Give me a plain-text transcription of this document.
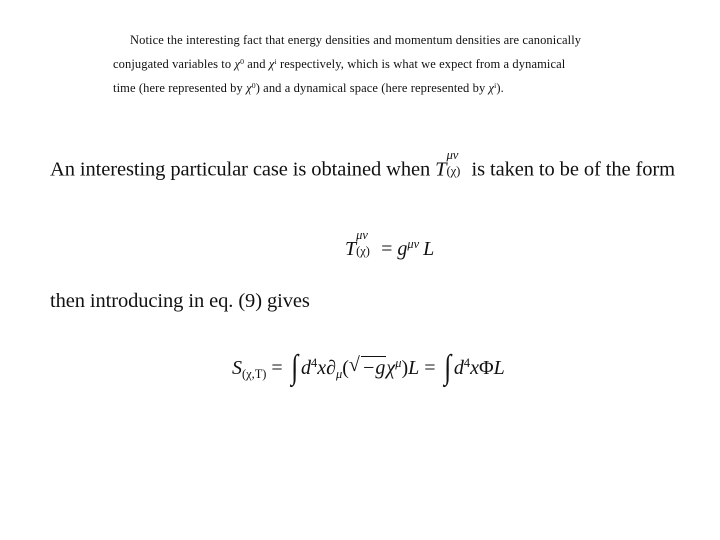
Notice the interesting fact that energy densities and momentum densities are canonically
conjugated variables to $\chi^0$ and $\chi^i$ respectively, which is what we expect from a dynamical
time (here represented by $\chi^0$) and a dynamical space (here represented by $\chi^i$).
An interesting particular case is obtained when T
μν
(χ) is taken to be of the form
T
μν
$(\chi) = g^{\mu\nu}$ L
then introducing in eq. (9) gives
$S_{(\chi,T)}$ = ∫ $d^4x\partial_\mu$( √ $-g\chi^\mu)L$ = ∫ $d^4x\Phi L$
